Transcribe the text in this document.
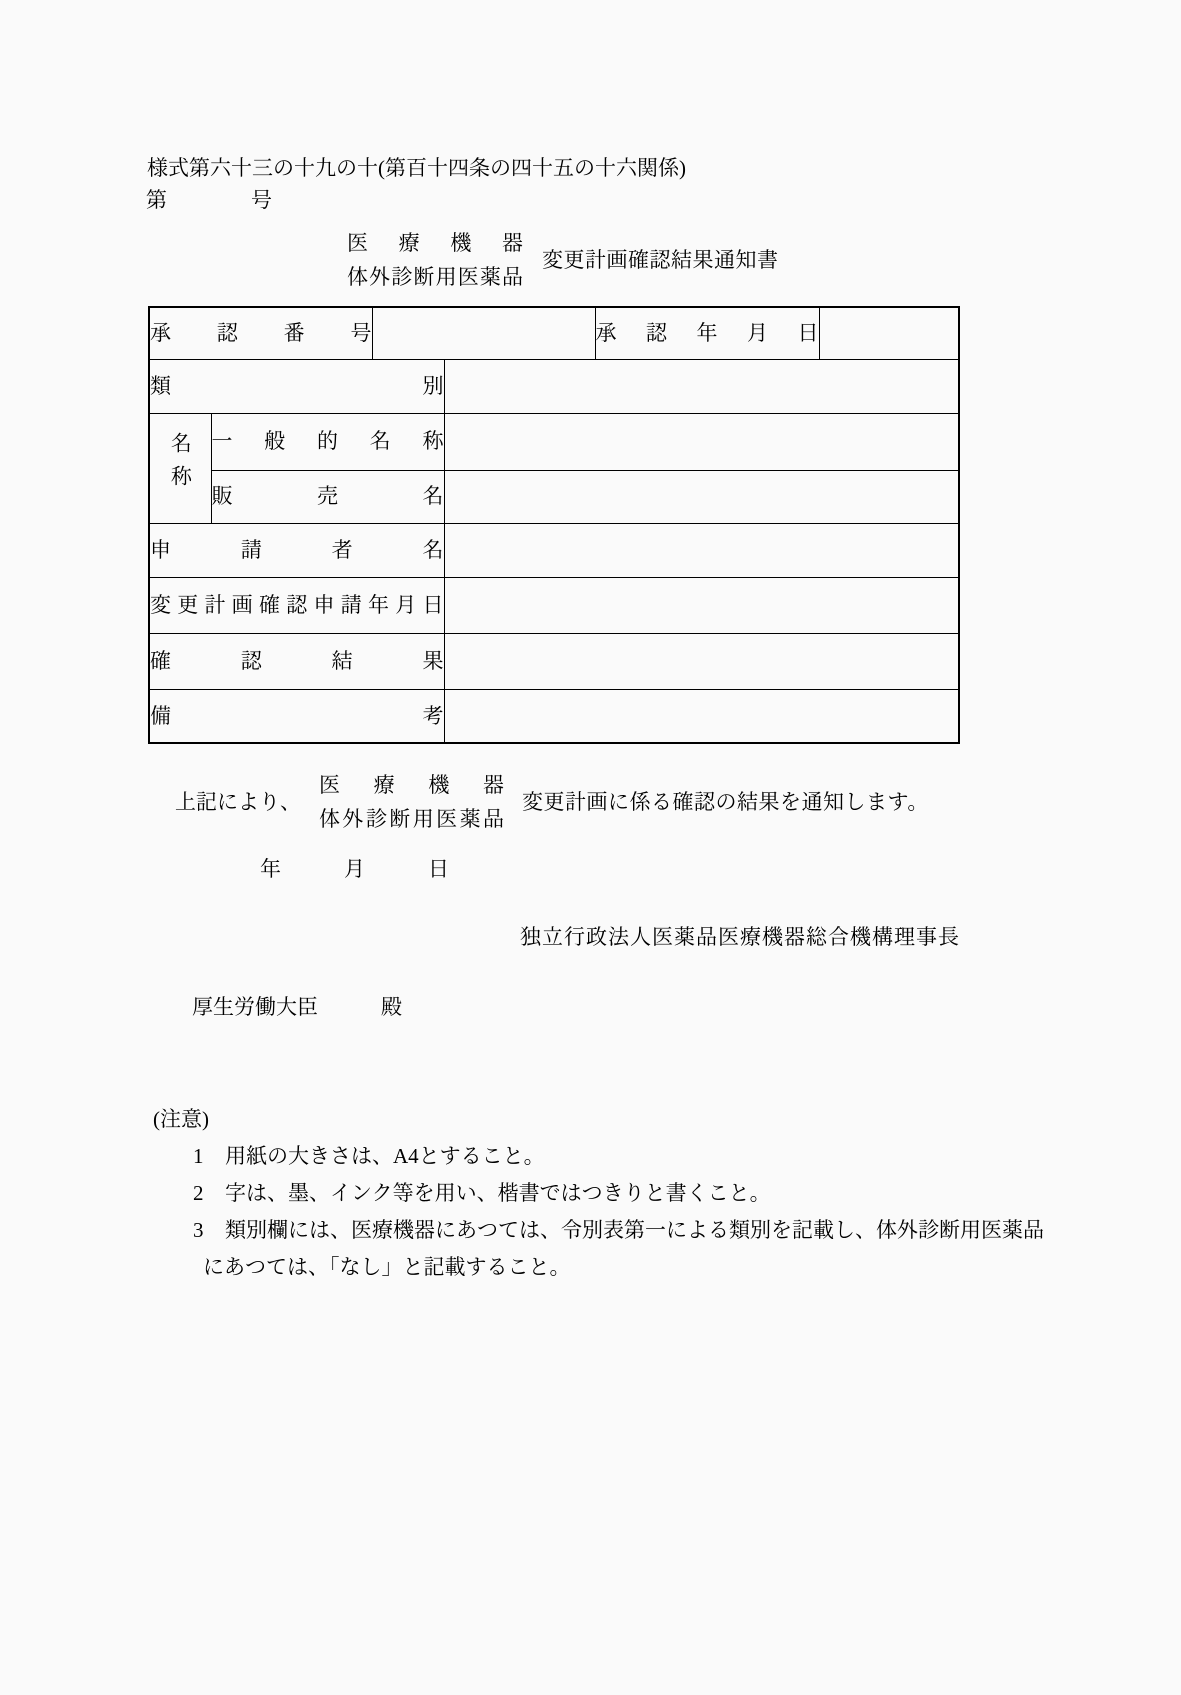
様式第六十三の十九の十(第百十四条の四十五の十六関係)
第　　　　号
医療機器
体外診断用医薬品
変更計画確認結果通知書
承認番号				承認年月日	
類別					
名称	一般的名称				
	販売名				
申請者名					
変更計画確認申請年月日					
確認結果					
備考					
上記により、
医療機器
体外診断用医薬品
変更計画に係る確認の結果を通知します。
年　　　月　　　日
独立行政法人医薬品医療機器総合機構理事長
厚生労働大臣　　　殿
(注意)
1 用紙の大きさは、A4とすること。
2 字は、墨、インク等を用い、楷書ではつきりと書くこと。
3 類別欄には、医療機器にあつては、令別表第一による類別を記載し、体外診断用医薬品にあつては、「なし」と記載すること。
